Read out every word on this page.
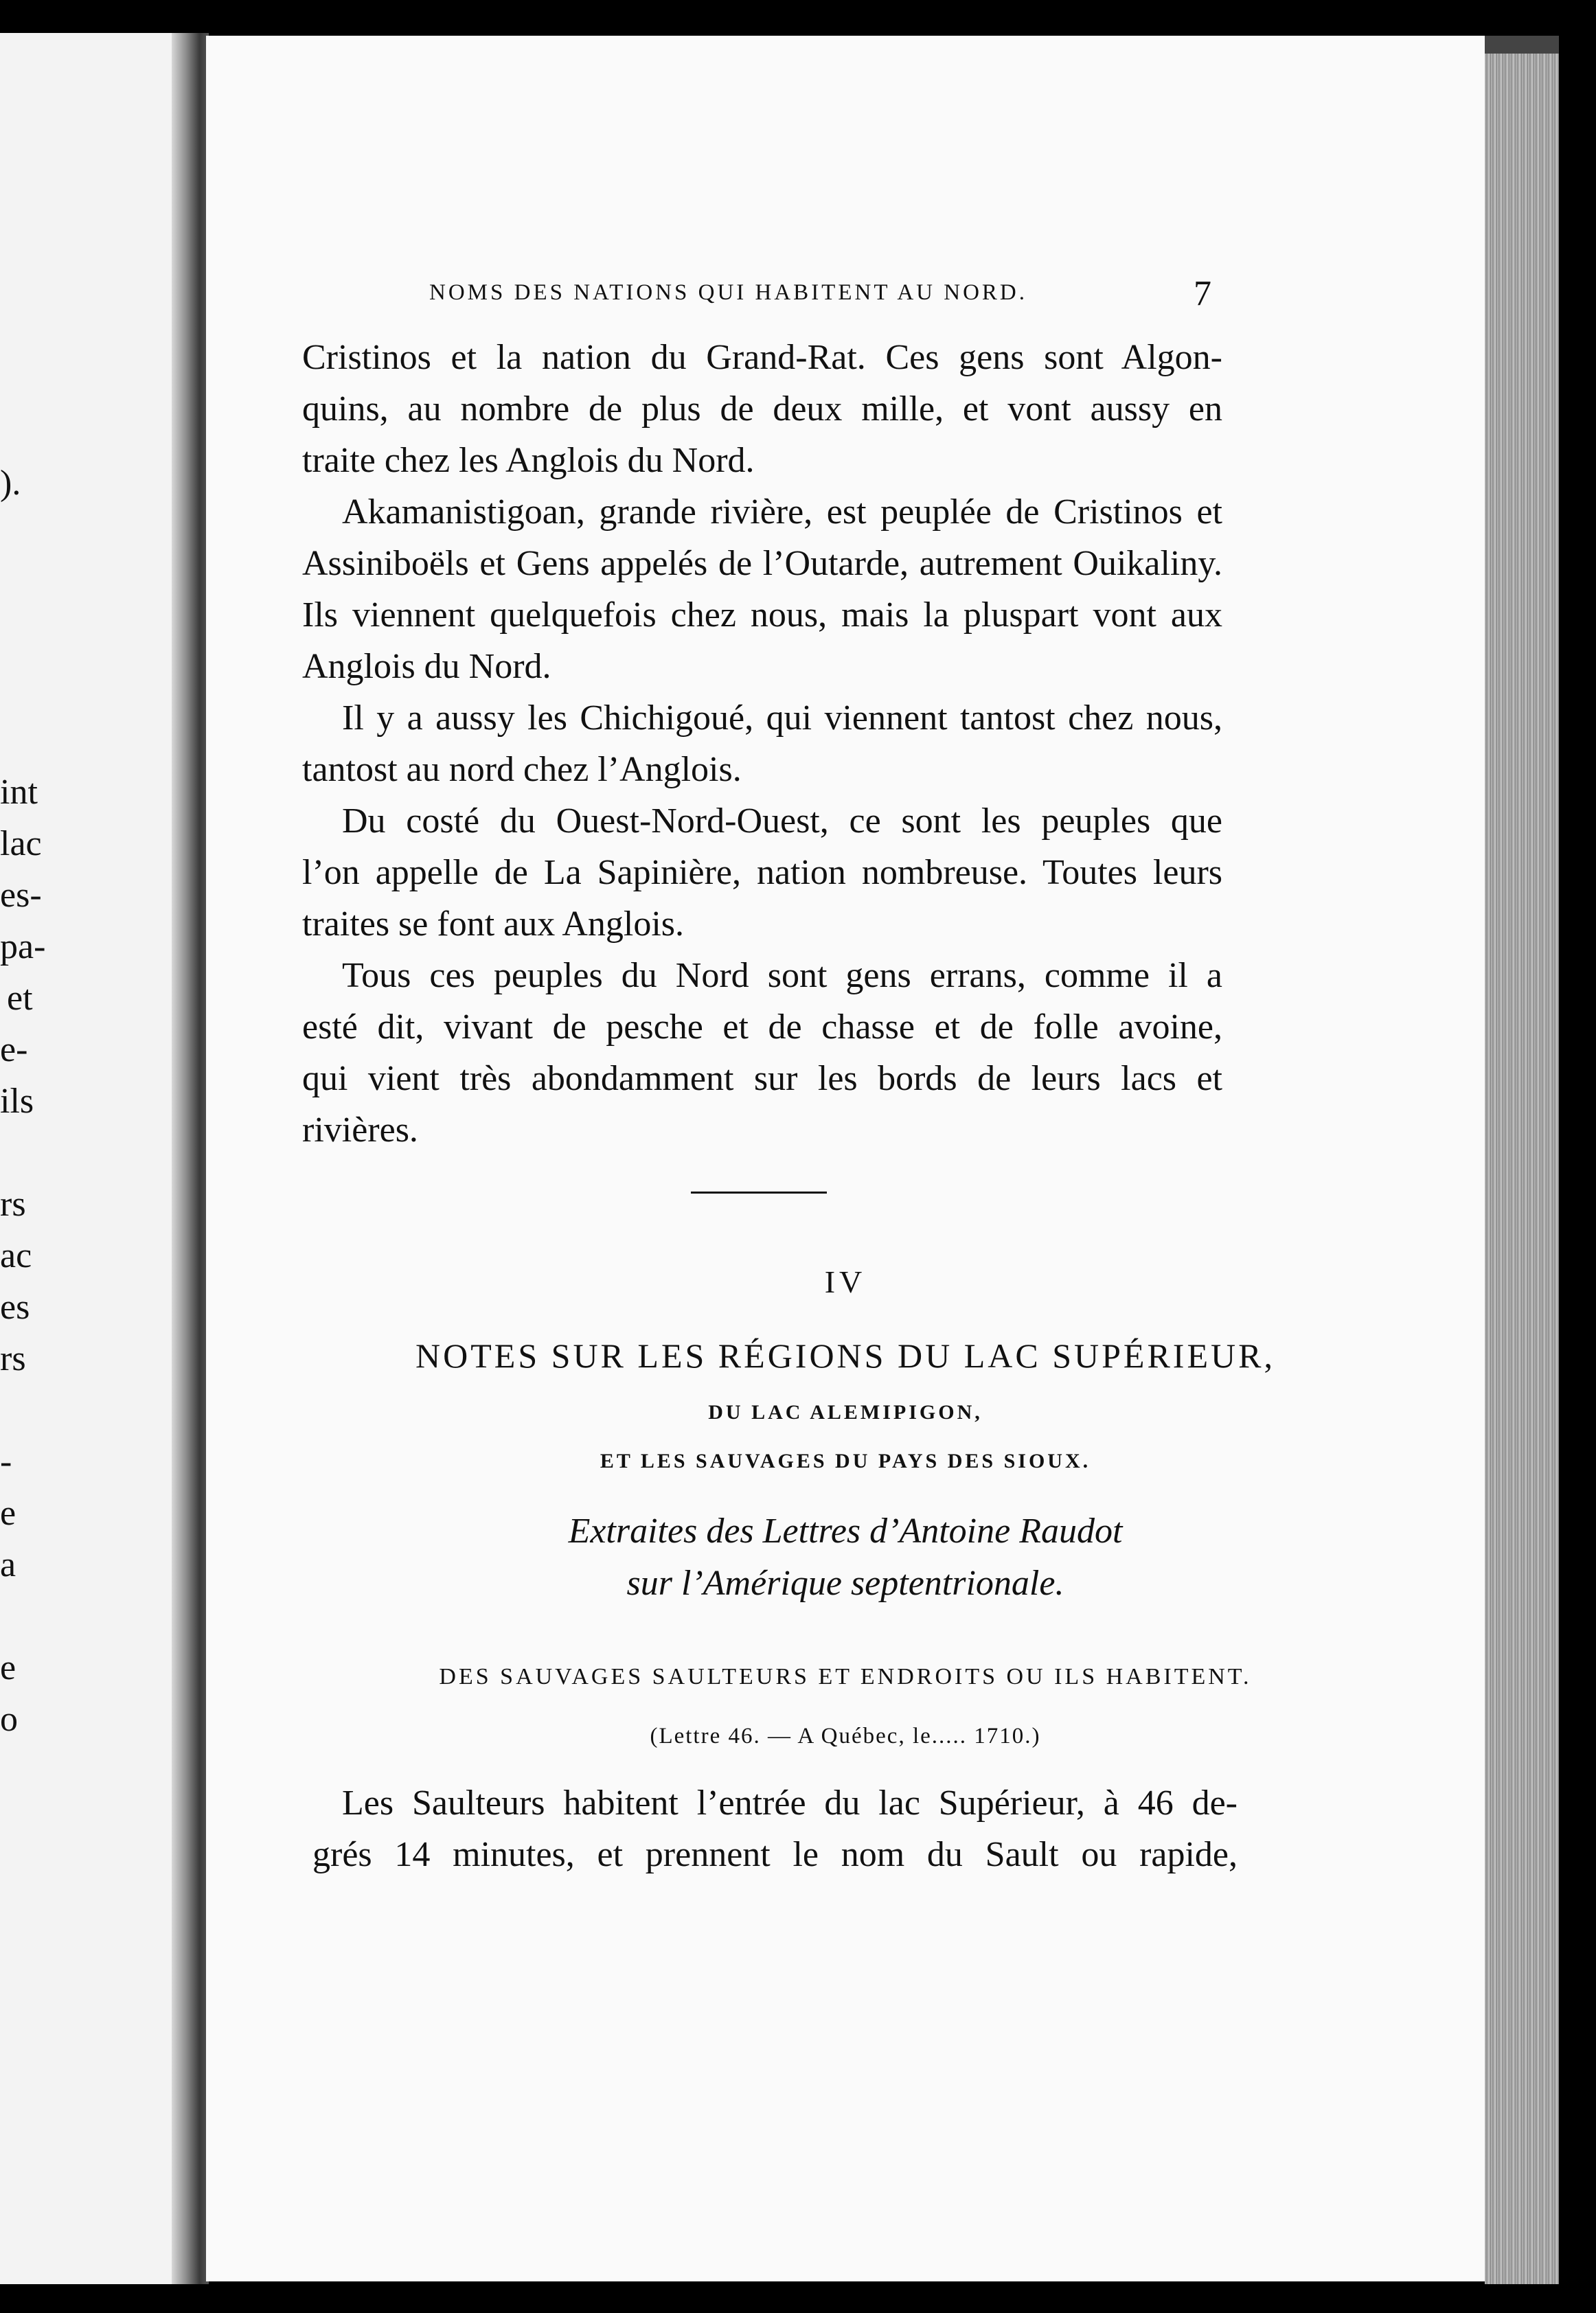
).
int
lac
es-
pa-
et
e-
ils
rs
ac
es
rs
-
e
a
e
o
NOMS DES NATIONS QUI HABITENT AU NORD.	7
Cristinos et la nation du Grand-Rat. Ces gens sont Algon-
quins, au nombre de plus de deux mille, et vont aussy en
traite chez les Anglois du Nord.
Akamanistigoan, grande rivière, est peuplée de Cristinos et
Assiniboëls et Gens appelés de l’Outarde, autrement Ouikaliny.
Ils viennent quelquefois chez nous, mais la pluspart vont aux
Anglois du Nord.
Il y a aussy les Chichigoué, qui viennent tantost chez nous,
tantost au nord chez l’Anglois.
Du costé du Ouest-Nord-Ouest, ce sont les peuples que
l’on appelle de La Sapinière, nation nombreuse. Toutes leurs
traites se font aux Anglois.
Tous ces peuples du Nord sont gens errans, comme il a
esté dit, vivant de pesche et de chasse et de folle avoine,
qui vient très abondamment sur les bords de leurs lacs et
rivières.
IV
NOTES SUR LES RÉGIONS DU LAC SUPÉRIEUR,
DU LAC ALEMIPIGON,
ET LES SAUVAGES DU PAYS DES SIOUX.
Extraites des Lettres d’Antoine Raudot
sur l’Amérique septentrionale.
DES SAUVAGES SAULTEURS ET ENDROITS OU ILS HABITENT.
(Lettre 46. — A Québec, le..... 1710.)
Les Saulteurs habitent l’entrée du lac Supérieur, à 46 de-
grés 14 minutes, et prennent le nom du Sault ou rapide,
